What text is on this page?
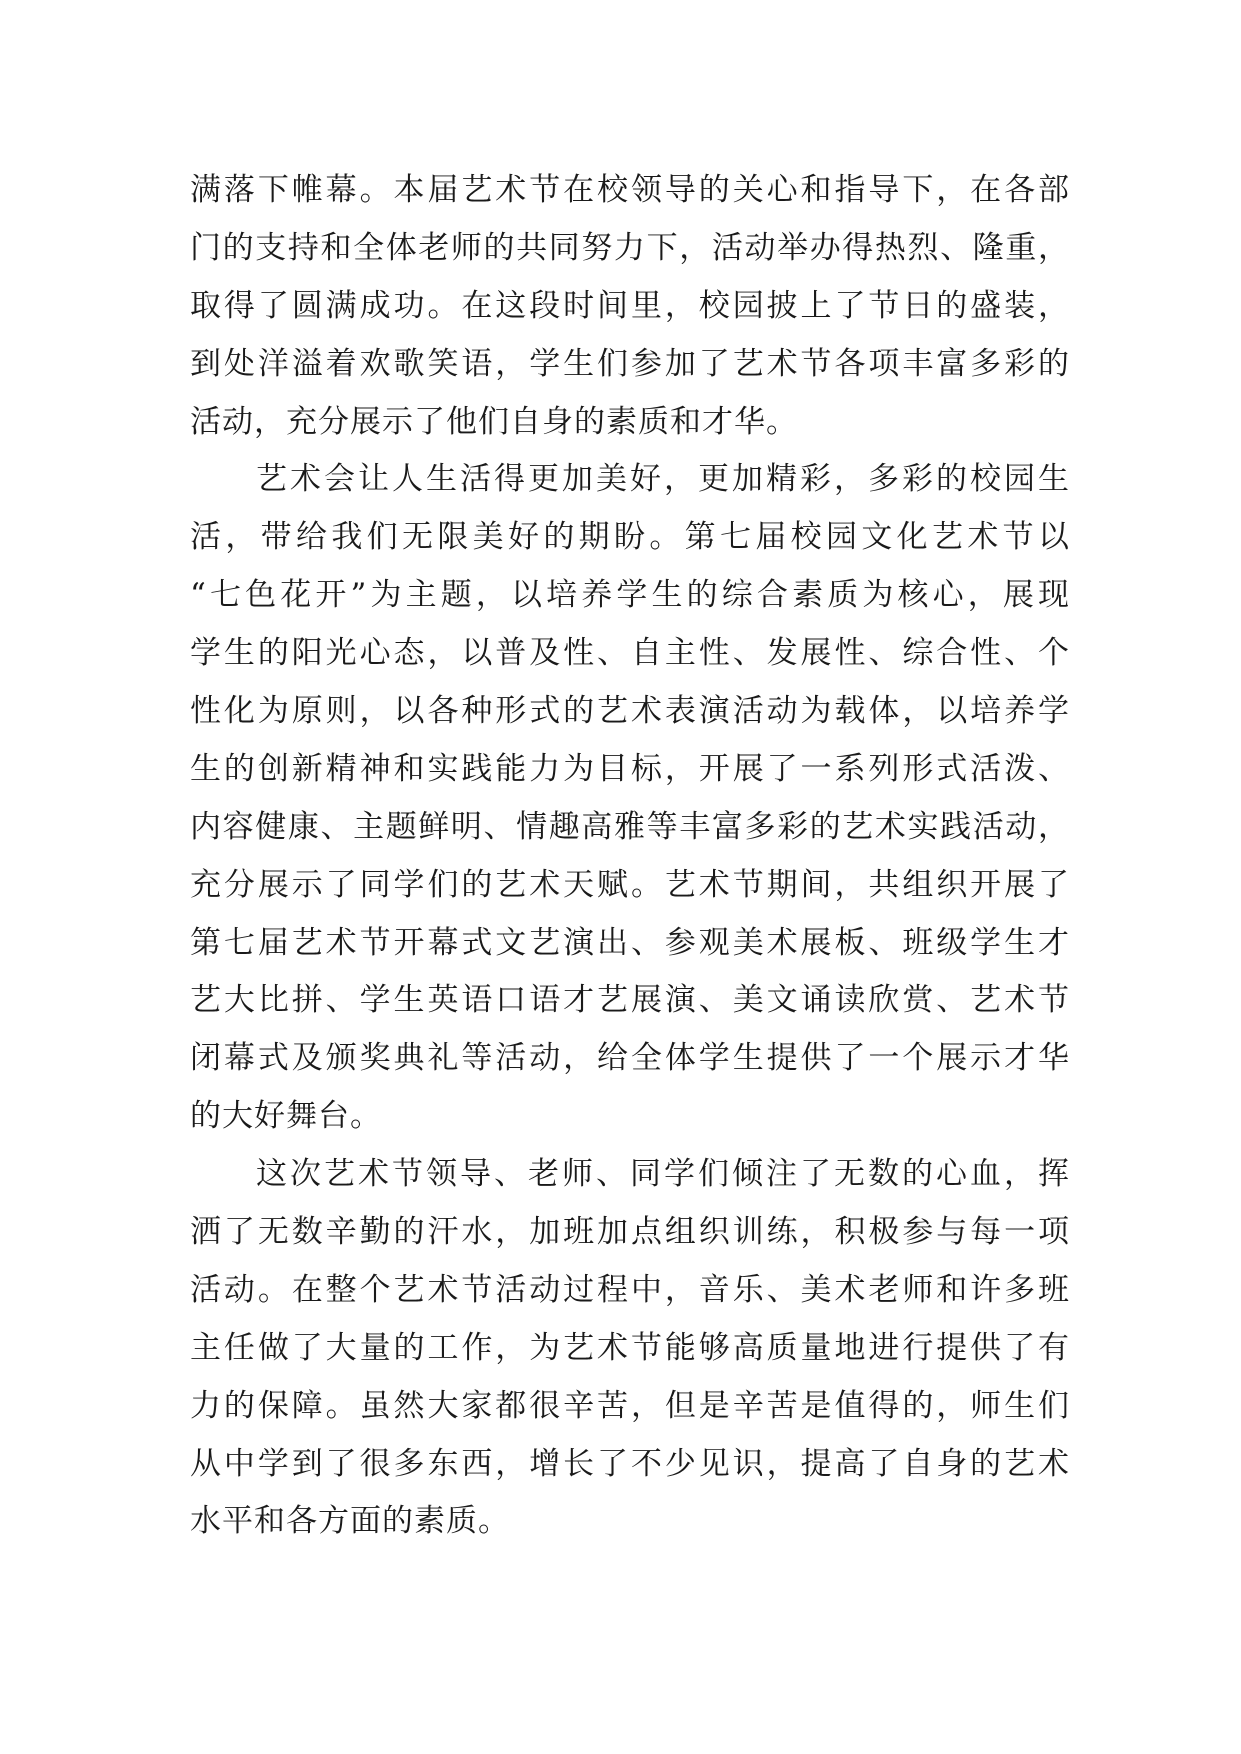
满落下帷幕。本届艺术节在校领导的关心和指导下，在各部
门的支持和全体老师的共同努力下，活动举办得热烈、隆重，
取得了圆满成功。在这段时间里，校园披上了节日的盛装，
到处洋溢着欢歌笑语，学生们参加了艺术节各项丰富多彩的
活动，充分展示了他们自身的素质和才华。
艺术会让人生活得更加美好，更加精彩，多彩的校园生
活，带给我们无限美好的期盼。第七届校园文化艺术节以
“七色花开”为主题，以培养学生的综合素质为核心，展现
学生的阳光心态，以普及性、自主性、发展性、综合性、个
性化为原则，以各种形式的艺术表演活动为载体，以培养学
生的创新精神和实践能力为目标，开展了一系列形式活泼、
内容健康、主题鲜明、情趣高雅等丰富多彩的艺术实践活动，
充分展示了同学们的艺术天赋。艺术节期间，共组织开展了
第七届艺术节开幕式文艺演出、参观美术展板、班级学生才
艺大比拼、学生英语口语才艺展演、美文诵读欣赏、艺术节
闭幕式及颁奖典礼等活动，给全体学生提供了一个展示才华
的大好舞台。
这次艺术节领导、老师、同学们倾注了无数的心血，挥
洒了无数辛勤的汗水，加班加点组织训练，积极参与每一项
活动。在整个艺术节活动过程中，音乐、美术老师和许多班
主任做了大量的工作，为艺术节能够高质量地进行提供了有
力的保障。虽然大家都很辛苦，但是辛苦是值得的，师生们
从中学到了很多东西，增长了不少见识，提高了自身的艺术
水平和各方面的素质。
